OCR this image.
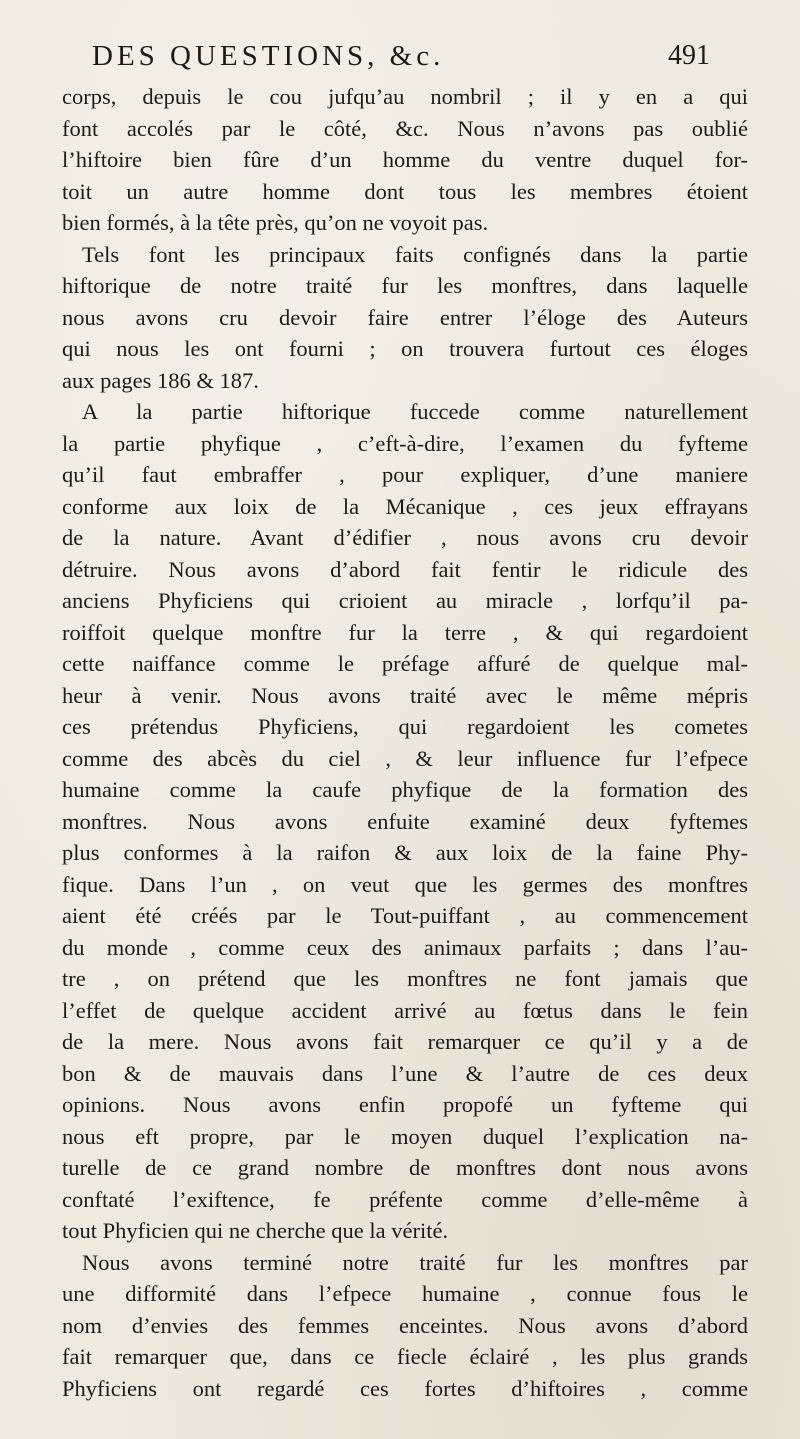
DES QUESTIONS, &c.	491
corps, depuis le cou jufqu’au nombril ; il y en a qui
font accolés par le côté, &c. Nous n’avons pas oublié
l’hiftoire bien fûre d’un homme du ventre duquel for-
toit un autre homme dont tous les membres étoient
bien formés, à la tête près, qu’on ne voyoit pas.
Tels font les principaux faits confignés dans la partie
hiftorique de notre traité fur les monftres, dans laquelle
nous avons cru devoir faire entrer l’éloge des Auteurs
qui nous les ont fourni ; on trouvera furtout ces éloges
aux pages 186 & 187.
A la partie hiftorique fuccede comme naturellement
la partie phyfique , c’eft-à-dire, l’examen du fyfteme
qu’il faut embraffer , pour expliquer, d’une maniere
conforme aux loix de la Mécanique , ces jeux effrayans
de la nature. Avant d’édifier , nous avons cru devoir
détruire. Nous avons d’abord fait fentir le ridicule des
anciens Phyficiens qui crioient au miracle , lorfqu’il pa-
roiffoit quelque monftre fur la terre , & qui regardoient
cette naiffance comme le préfage affuré de quelque mal-
heur à venir. Nous avons traité avec le même mépris
ces prétendus Phyficiens, qui regardoient les cometes
comme des abcès du ciel , & leur influence fur l’efpece
humaine comme la caufe phyfique de la formation des
monftres. Nous avons enfuite examiné deux fyftemes
plus conformes à la raifon & aux loix de la faine Phy-
fique. Dans l’un , on veut que les germes des monftres
aient été créés par le Tout-puiffant , au commencement
du monde , comme ceux des animaux parfaits ; dans l’au-
tre , on prétend que les monftres ne font jamais que
l’effet de quelque accident arrivé au fœtus dans le fein
de la mere. Nous avons fait remarquer ce qu’il y a de
bon & de mauvais dans l’une & l’autre de ces deux
opinions. Nous avons enfin propofé un fyfteme qui
nous eft propre, par le moyen duquel l’explication na-
turelle de ce grand nombre de monftres dont nous avons
conftaté l’exiftence, fe préfente comme d’elle-même à
tout Phyficien qui ne cherche que la vérité.
Nous avons terminé notre traité fur les monftres par
une difformité dans l’efpece humaine , connue fous le
nom d’envies des femmes enceintes. Nous avons d’abord
fait remarquer que, dans ce fiecle éclairé , les plus grands
Phyficiens ont regardé ces fortes d’hiftoires , comme
